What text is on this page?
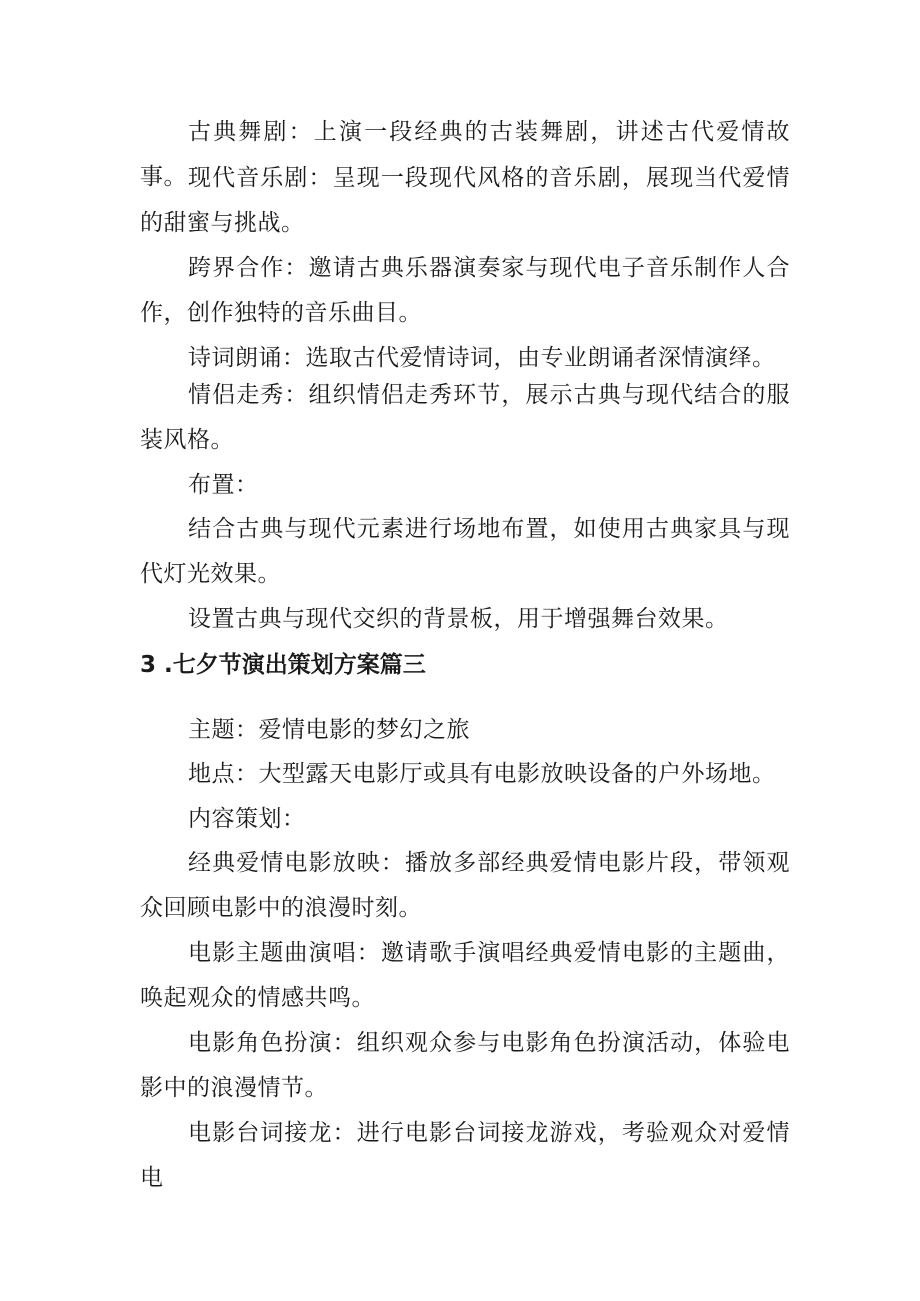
古典舞剧：上演一段经典的古装舞剧，讲述古代爱情故事。 现代音乐剧：呈现一段现代风格的音乐剧，展现当代爱情的甜蜜与挑战。

跨界合作：邀请古典乐器演奏家与现代电子音乐制作人合作，创作独特的音乐曲目。

诗词朗诵：选取古代爱情诗词，由专业朗诵者深情演绎。

情侣走秀：组织情侣走秀环节，展示古典与现代结合的服装风格。

布置：

结合古典与现代元素进行场地布置，如使用古典家具与现代灯光效果。

设置古典与现代交织的背景板，用于增强舞台效果。

3 .七夕节演出策划方案篇三

主题：爱情电影的梦幻之旅

地点：大型露天电影厅或具有电影放映设备的户外场地。

内容策划：

经典爱情电影放映：播放多部经典爱情电影片段，带领观众回顾电影中的浪漫时刻。

电影主题曲演唱：邀请歌手演唱经典爱情电影的主题曲，唤起观众的情感共鸣。

电影角色扮演：组织观众参与电影角色扮演活动，体验电影中的浪漫情节。

电影台词接龙：进行电影台词接龙游戏，考验观众对爱情电
